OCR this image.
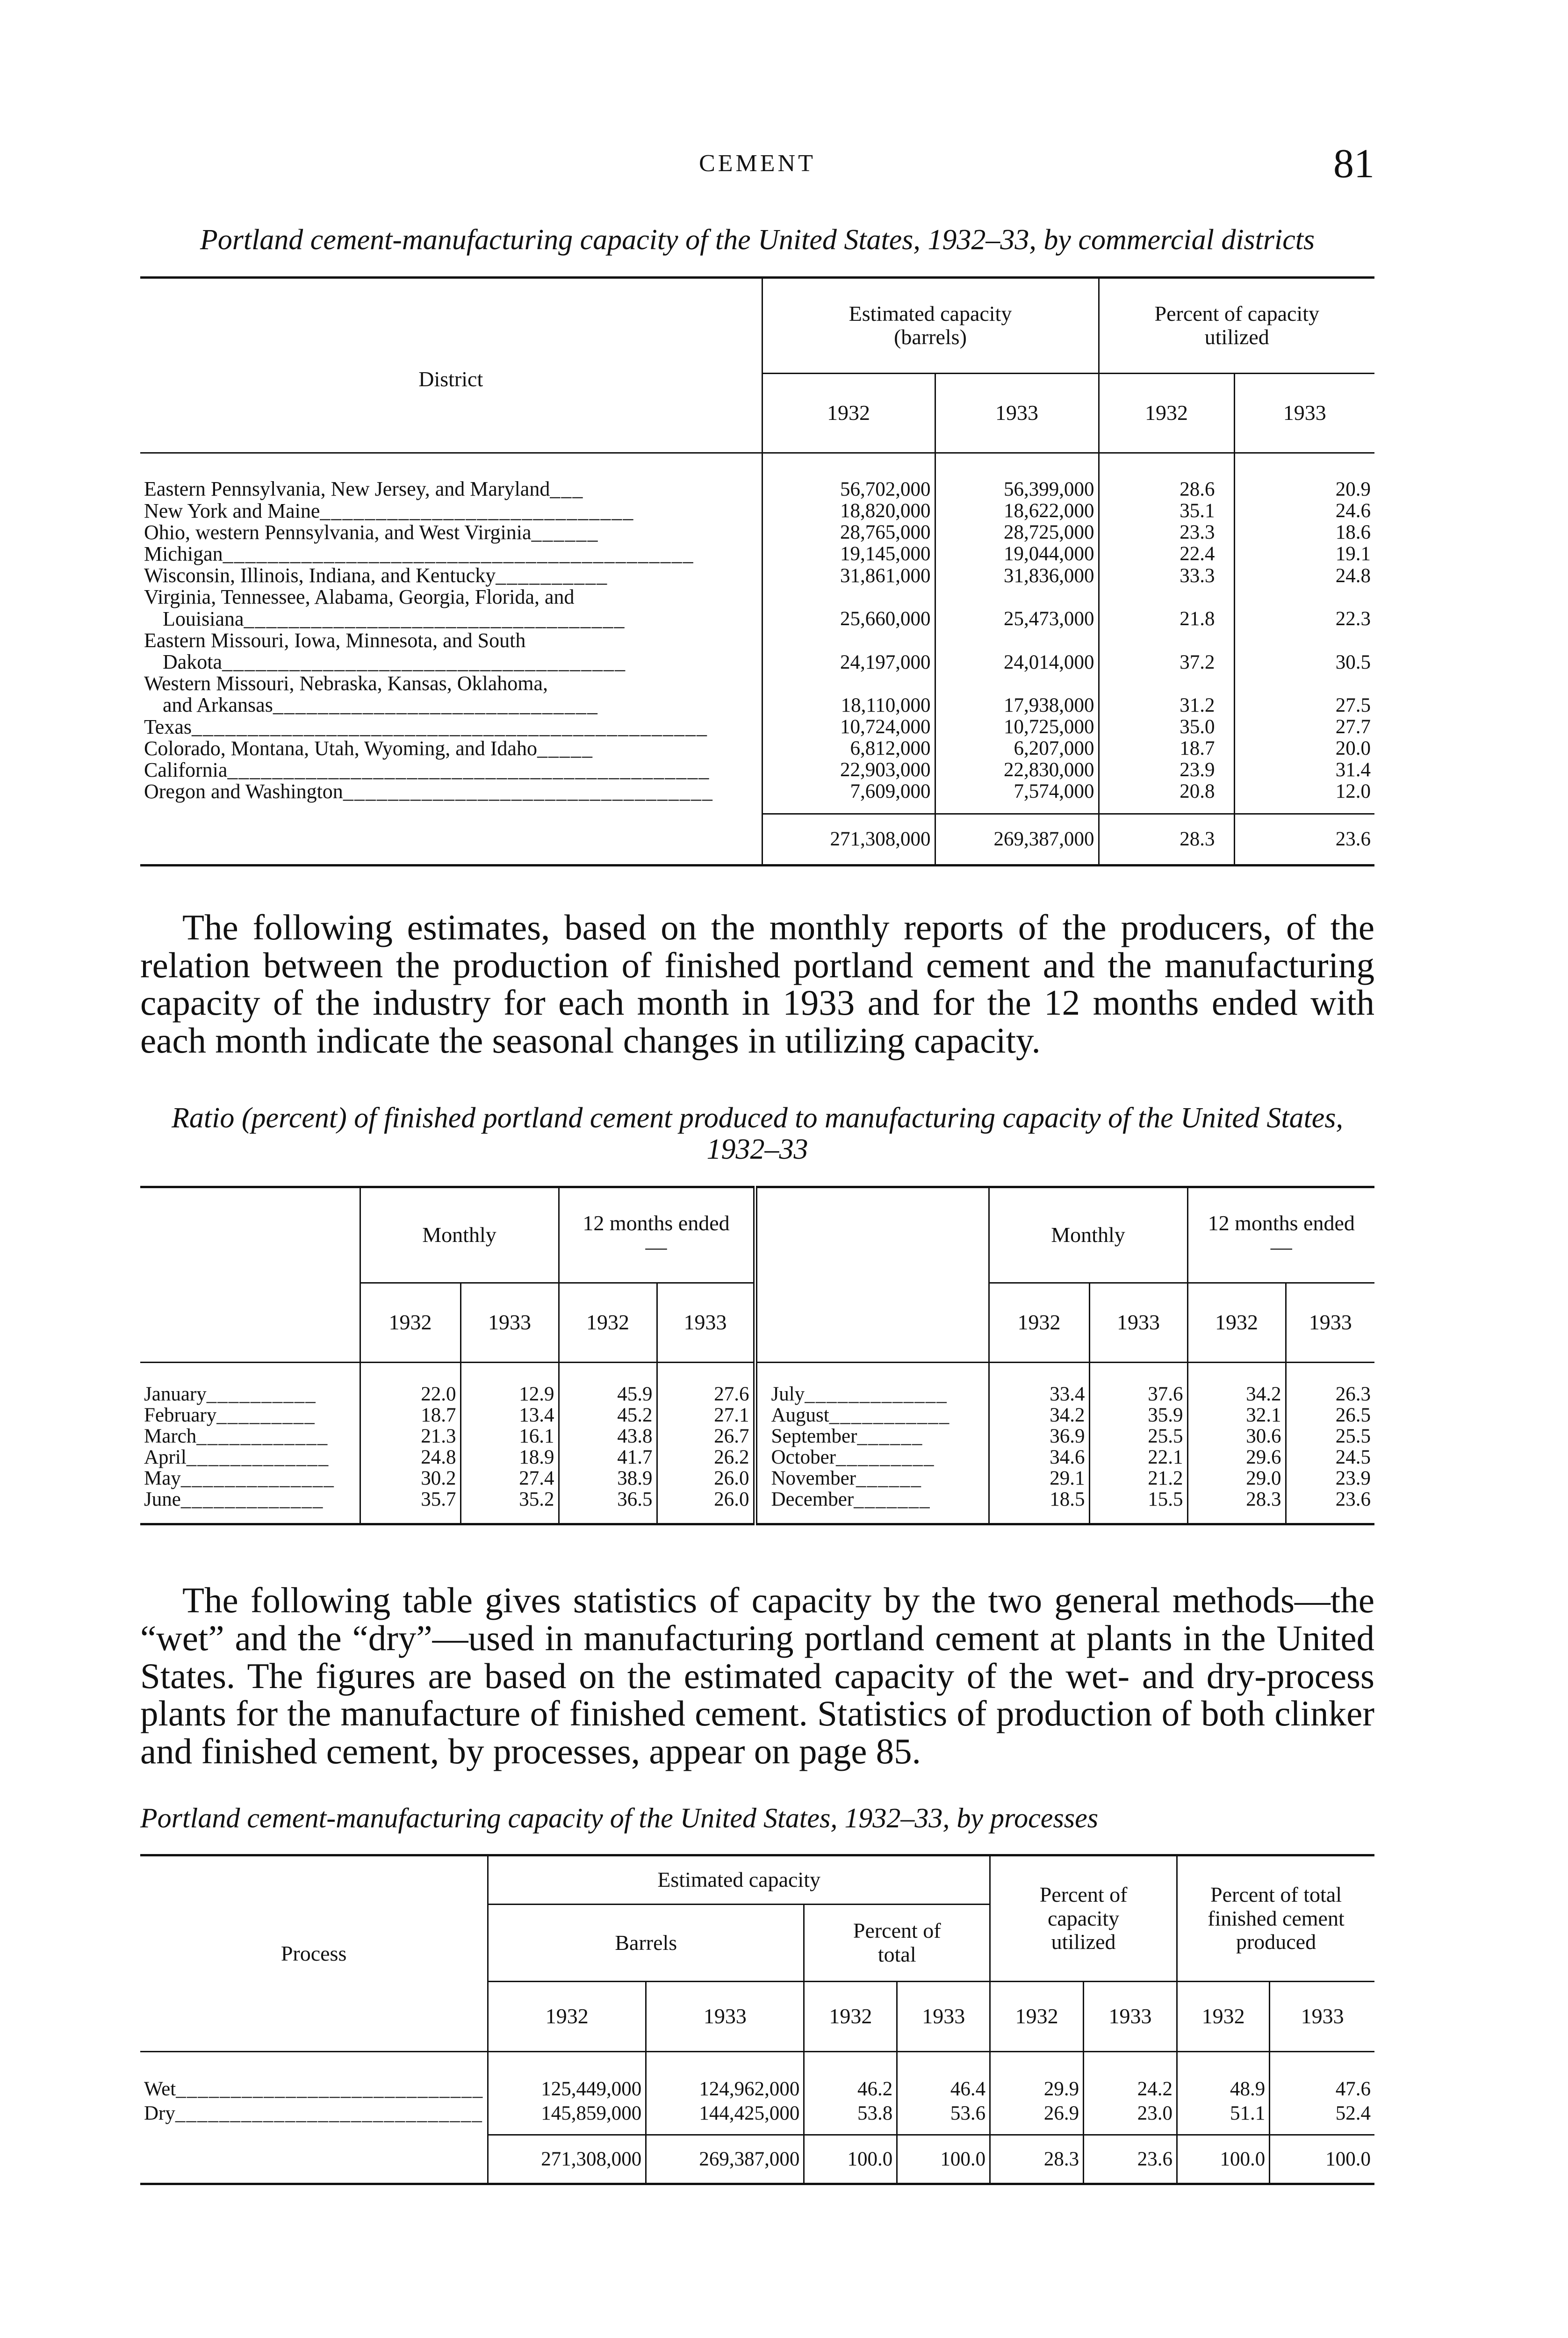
CEMENT	81

Portland cement-manufacturing capacity of the United States, 1932–33, by commercial districts

District	Estimated capacity (barrels)		Percent of capacity utilized	
	1932	1933	1932	1933

Eastern Pennsylvania, New Jersey, and Maryland___	56,702,000	56,399,000	28.6	20.9
New York and Maine____________________________	18,820,000	18,622,000	35.1	24.6
Ohio, western Pennsylvania, and West Virginia______	28,765,000	28,725,000	23.3	18.6
Michigan__________________________________________	19,145,000	19,044,000	22.4	19.1
Wisconsin, Illinois, Indiana, and Kentucky__________	31,861,000	31,836,000	33.3	24.8

Virginia, Tennessee, Alabama, Georgia, Florida, and
Louisiana__________________________________	25,660,000	25,473,000	21.8	22.3

Eastern Missouri, Iowa, Minnesota, and South
Dakota____________________________________	24,197,000	24,014,000	37.2	30.5

Western Missouri, Nebraska, Kansas, Oklahoma,
and Arkansas_____________________________	18,110,000	17,938,000	31.2	27.5
Texas______________________________________________	10,724,000	10,725,000	35.0	27.7
Colorado, Montana, Utah, Wyoming, and Idaho_____	6,812,000	6,207,000	18.7	20.0
California___________________________________________	22,903,000	22,830,000	23.9	31.4
Oregon and Washington_________________________________	7,609,000	7,574,000	20.8	12.0

	271,308,000	269,387,000	28.3	23.6

The following estimates, based on the monthly reports of the producers, of the relation between the production of finished portland cement and the manufacturing capacity of the industry for each month in 1933 and for the 12 months ended with each month indicate the seasonal changes in utilizing capacity.

Ratio (percent) of finished portland cement produced to manufacturing capacity of the United States, 1932–33

	Monthly		12 months ended—			Monthly		12 months ended—	
	1932	1933	1932	1933		1932	1933	1932	1933

January__________	22.0	12.9	45.9	27.6	July_____________	33.4	37.6	34.2	26.3
February_________	18.7	13.4	45.2	27.1	August___________	34.2	35.9	32.1	26.5
March____________	21.3	16.1	43.8	26.7	September______	36.9	25.5	30.6	25.5
April_____________	24.8	18.9	41.7	26.2	October_________	34.6	22.1	29.6	24.5
May______________	30.2	27.4	38.9	26.0	November______	29.1	21.2	29.0	23.9
June_____________	35.7	35.2	36.5	26.0	December_______	18.5	15.5	28.3	23.6

The following table gives statistics of capacity by the two general methods—the “wet” and the “dry”—used in manufacturing portland cement at plants in the United States. The figures are based on the estimated capacity of the wet- and dry-process plants for the manufacture of finished cement. Statistics of production of both clinker and finished cement, by processes, appear on page 85.

Portland cement-manufacturing capacity of the United States, 1932–33, by processes

Process	Estimated capacity				Percent of capacity utilized		Percent of total finished cement produced	
	Barrels		Percent of total					
	1932	1933	1932	1933	1932	1933	1932	1933

Wet____________________________	125,449,000	124,962,000	46.2	46.4	29.9	24.2	48.9	47.6
Dry____________________________	145,859,000	144,425,000	53.8	53.6	26.9	23.0	51.1	52.4

	271,308,000	269,387,000	100.0	100.0	28.3	23.6	100.0	100.0
